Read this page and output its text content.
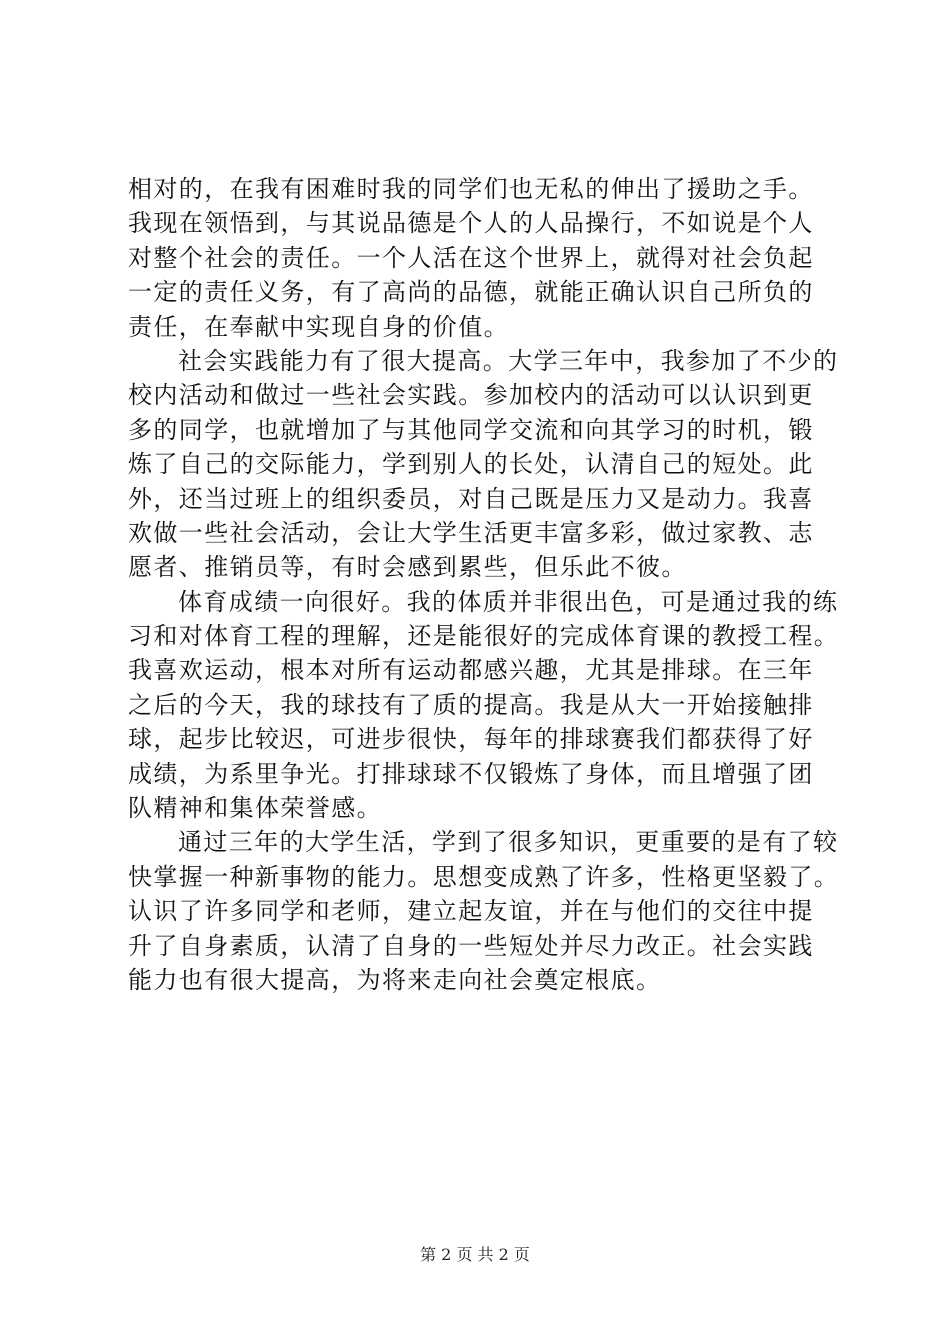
相对的，在我有困难时我的同学们也无私的伸出了援助之手。
我现在领悟到，与其说品德是个人的人品操行，不如说是个人
对整个社会的责任。一个人活在这个世界上，就得对社会负起
一定的责任义务，有了高尚的品德，就能正确认识自己所负的
责任，在奉献中实现自身的价值。
社会实践能力有了很大提高。大学三年中，我参加了不少的
校内活动和做过一些社会实践。参加校内的活动可以认识到更
多的同学，也就增加了与其他同学交流和向其学习的时机，锻
炼了自己的交际能力，学到别人的长处，认清自己的短处。此
外，还当过班上的组织委员，对自己既是压力又是动力。我喜
欢做一些社会活动，会让大学生活更丰富多彩，做过家教、志
愿者、推销员等，有时会感到累些，但乐此不彼。
体育成绩一向很好。我的体质并非很出色，可是通过我的练
习和对体育工程的理解，还是能很好的完成体育课的教授工程。
我喜欢运动，根本对所有运动都感兴趣，尤其是排球。在三年
之后的今天，我的球技有了质的提高。我是从大一开始接触排
球，起步比较迟，可进步很快，每年的排球赛我们都获得了好
成绩，为系里争光。打排球球不仅锻炼了身体，而且增强了团
队精神和集体荣誉感。
通过三年的大学生活，学到了很多知识，更重要的是有了较
快掌握一种新事物的能力。思想变成熟了许多，性格更坚毅了。
认识了许多同学和老师，建立起友谊，并在与他们的交往中提
升了自身素质，认清了自身的一些短处并尽力改正。社会实践
能力也有很大提高，为将来走向社会奠定根底。
第 2 页 共 2 页
